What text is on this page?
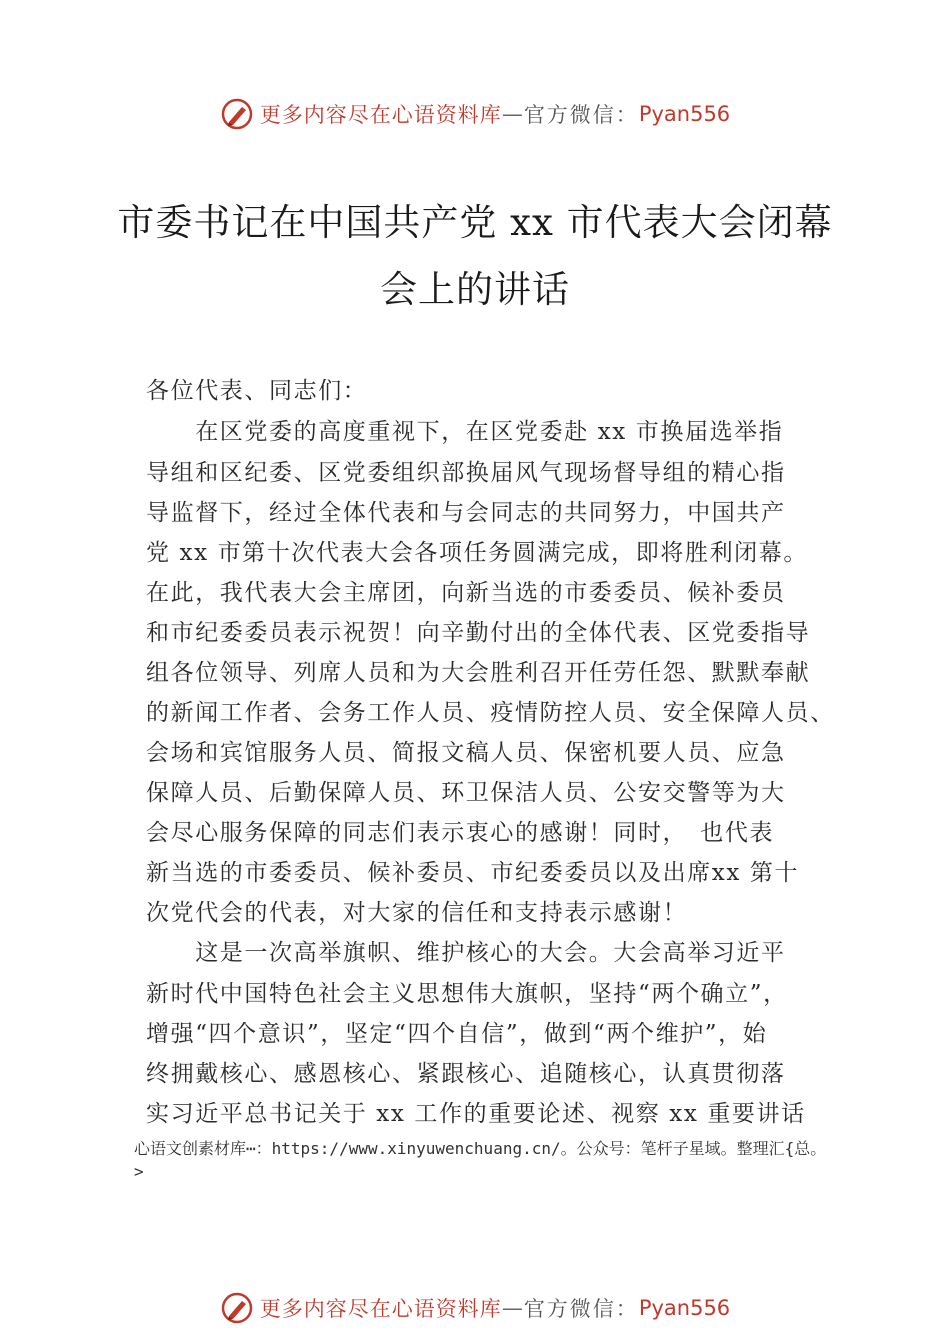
更多内容尽在心语资料库 — 官方微信： Pyan556
市委书记在中国共产党 xx 市代表大会闭幕
会上的讲话
各位代表、同志们：
　　在区党委的高度重视下，在区党委赴 xx 市换届选举指
导组和区纪委、区党委组织部换届风气现场督导组的精心指
导监督下，经过全体代表和与会同志的共同努力，中国共产
党 xx 市第十次代表大会各项任务圆满完成，即将胜利闭幕。
在此，我代表大会主席团，向新当选的市委委员、候补委员
和市纪委委员表示祝贺！向辛勤付出的全体代表、区党委指导
组各位领导、列席人员和为大会胜利召开任劳任怨、默默奉献
的新闻工作者、会务工作人员、疫情防控人员、安全保障人员、
会场和宾馆服务人员、简报文稿人员、保密机要人员、应急
保障人员、后勤保障人员、环卫保洁人员、公安交警等为大
会尽心服务保障的同志们表示衷心的感谢！同时，　也代表
新当选的市委委员、候补委员、市纪委委员以及出席xx 第十
次党代会的代表，对大家的信任和支持表示感谢！
　　这是一次高举旗帜、维护核心的大会。大会高举习近平
新时代中国特色社会主义思想伟大旗帜，坚持“两个确立”，
增强“四个意识”，坚定“四个自信”，做到“两个维护”，始
终拥戴核心、感恩核心、紧跟核心、追随核心，认真贯彻落
实习近平总书记关于 xx 工作的重要论述、视察 xx 重要讲话
心语文创素材库⋯：https://www.xinyuwenchuang.cn/。公众号：笔杆子星域。整理汇{总。
>
更多内容尽在心语资料库 — 官方微信： Pyan556
